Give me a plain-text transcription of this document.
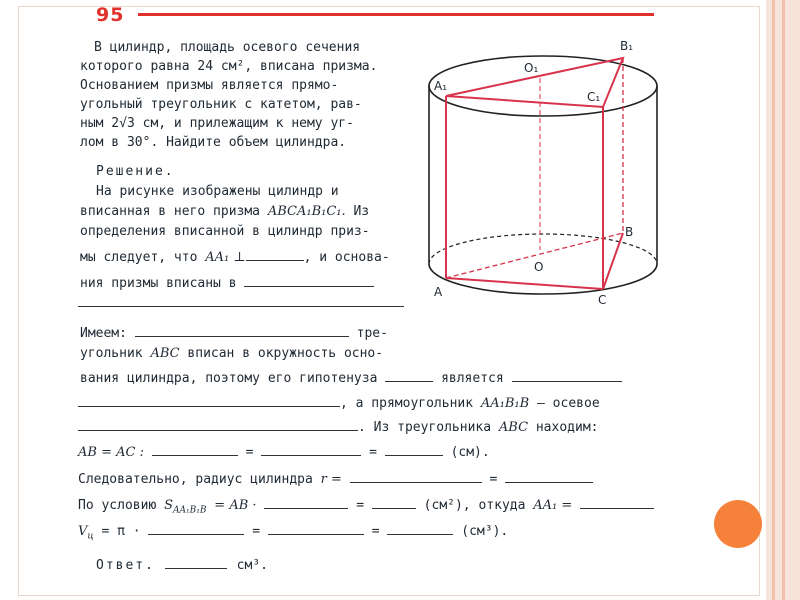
95
В цилиндр, площадь осевого сечения
которого равна 24 см², вписана призма.
Основанием призмы является прямо-
угольный треугольник с катетом, рав-
ным 2√3 см, и прилежащим к нему уг-
лом в 30°. Найдите объем цилиндра.
Решение.
На рисунке изображены цилиндр и
вписанная в него призма ABCA₁B₁C₁. Из
определения вписанной в цилиндр приз-
мы следует, что AA₁ ⊥	, и основа-
ния призмы вписаны в
Имеем:	тре-
угольник ABC вписан в окружность осно-
вания цилиндра, поэтому его гипотенуза	является
, а прямоугольник AA₁B₁B — осевое
. Из треугольника ABC находим:
AB = AC :	=	=	(см).
Следовательно, радиус цилиндра r =	=
По условию $S_{AA_1B_1B}$ = AB ·	=	(см²), откуда AA₁ =
$V_ц = \pi$ ·	=	=	(см³).
Ответ.	см³.
A₁
B₁
C₁
O₁
O
A
B
C
